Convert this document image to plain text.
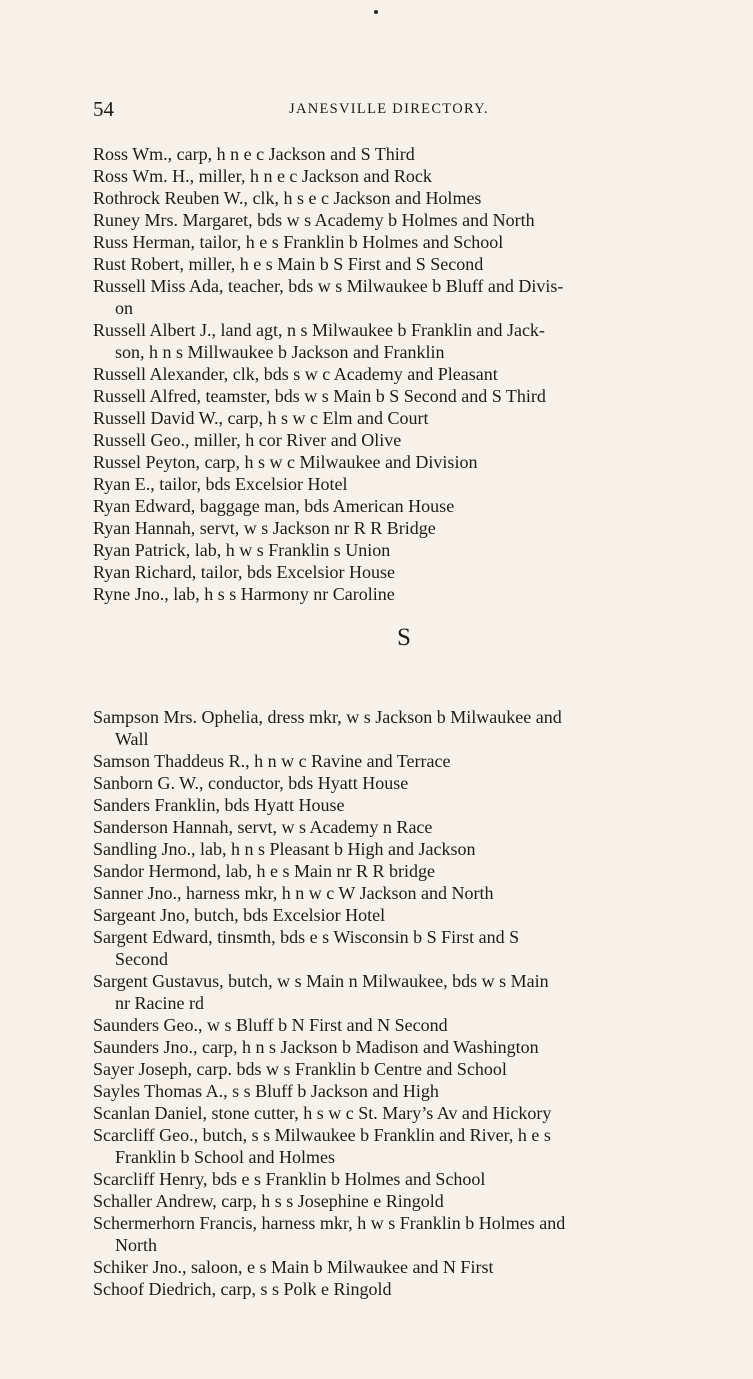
54	JANESVILLE DIRECTORY.
Ross Wm., carp, h n e c Jackson and S Third
Ross Wm. H., miller, h n e c Jackson and Rock
Rothrock Reuben W., clk, h s e c Jackson and Holmes
Runey Mrs. Margaret, bds w s Academy b Holmes and North
Russ Herman, tailor, h e s Franklin b Holmes and School
Rust Robert, miller, h e s Main b S First and S Second
Russell Miss Ada, teacher, bds w s Milwaukee b Bluff and Divis-
on
Russell Albert J., land agt, n s Milwaukee b Franklin and Jack-
son, h n s Millwaukee b Jackson and Franklin
Russell Alexander, clk, bds s w c Academy and Pleasant
Russell Alfred, teamster, bds w s Main b S Second and S Third
Russell David W., carp, h s w c Elm and Court
Russell Geo., miller, h cor River and Olive
Russel Peyton, carp, h s w c Milwaukee and Division
Ryan E., tailor, bds Excelsior Hotel
Ryan Edward, baggage man, bds American House
Ryan Hannah, servt, w s Jackson nr R R Bridge
Ryan Patrick, lab, h w s Franklin s Union
Ryan Richard, tailor, bds Excelsior House
Ryne Jno., lab, h s s Harmony nr Caroline
S
Sampson Mrs. Ophelia, dress mkr, w s Jackson b Milwaukee and
Wall
Samson Thaddeus R., h n w c Ravine and Terrace
Sanborn G. W., conductor, bds Hyatt House
Sanders Franklin, bds Hyatt House
Sanderson Hannah, servt, w s Academy n Race
Sandling Jno., lab, h n s Pleasant b High and Jackson
Sandor Hermond, lab, h e s Main nr R R bridge
Sanner Jno., harness mkr, h n w c W Jackson and North
Sargeant Jno, butch, bds Excelsior Hotel
Sargent Edward, tinsmth, bds e s Wisconsin b S First and S
Second
Sargent Gustavus, butch, w s Main n Milwaukee, bds w s Main
nr Racine rd
Saunders Geo., w s Bluff b N First and N Second
Saunders Jno., carp, h n s Jackson b Madison and Washington
Sayer Joseph, carp. bds w s Franklin b Centre and School
Sayles Thomas A., s s Bluff b Jackson and High
Scanlan Daniel, stone cutter, h s w c St. Mary’s Av and Hickory
Scarcliff Geo., butch, s s Milwaukee b Franklin and River, h e s
Franklin b School and Holmes
Scarcliff Henry, bds e s Franklin b Holmes and School
Schaller Andrew, carp, h s s Josephine e Ringold
Schermerhorn Francis, harness mkr, h w s Franklin b Holmes and
North
Schiker Jno., saloon, e s Main b Milwaukee and N First
Schoof Diedrich, carp, s s Polk e Ringold
